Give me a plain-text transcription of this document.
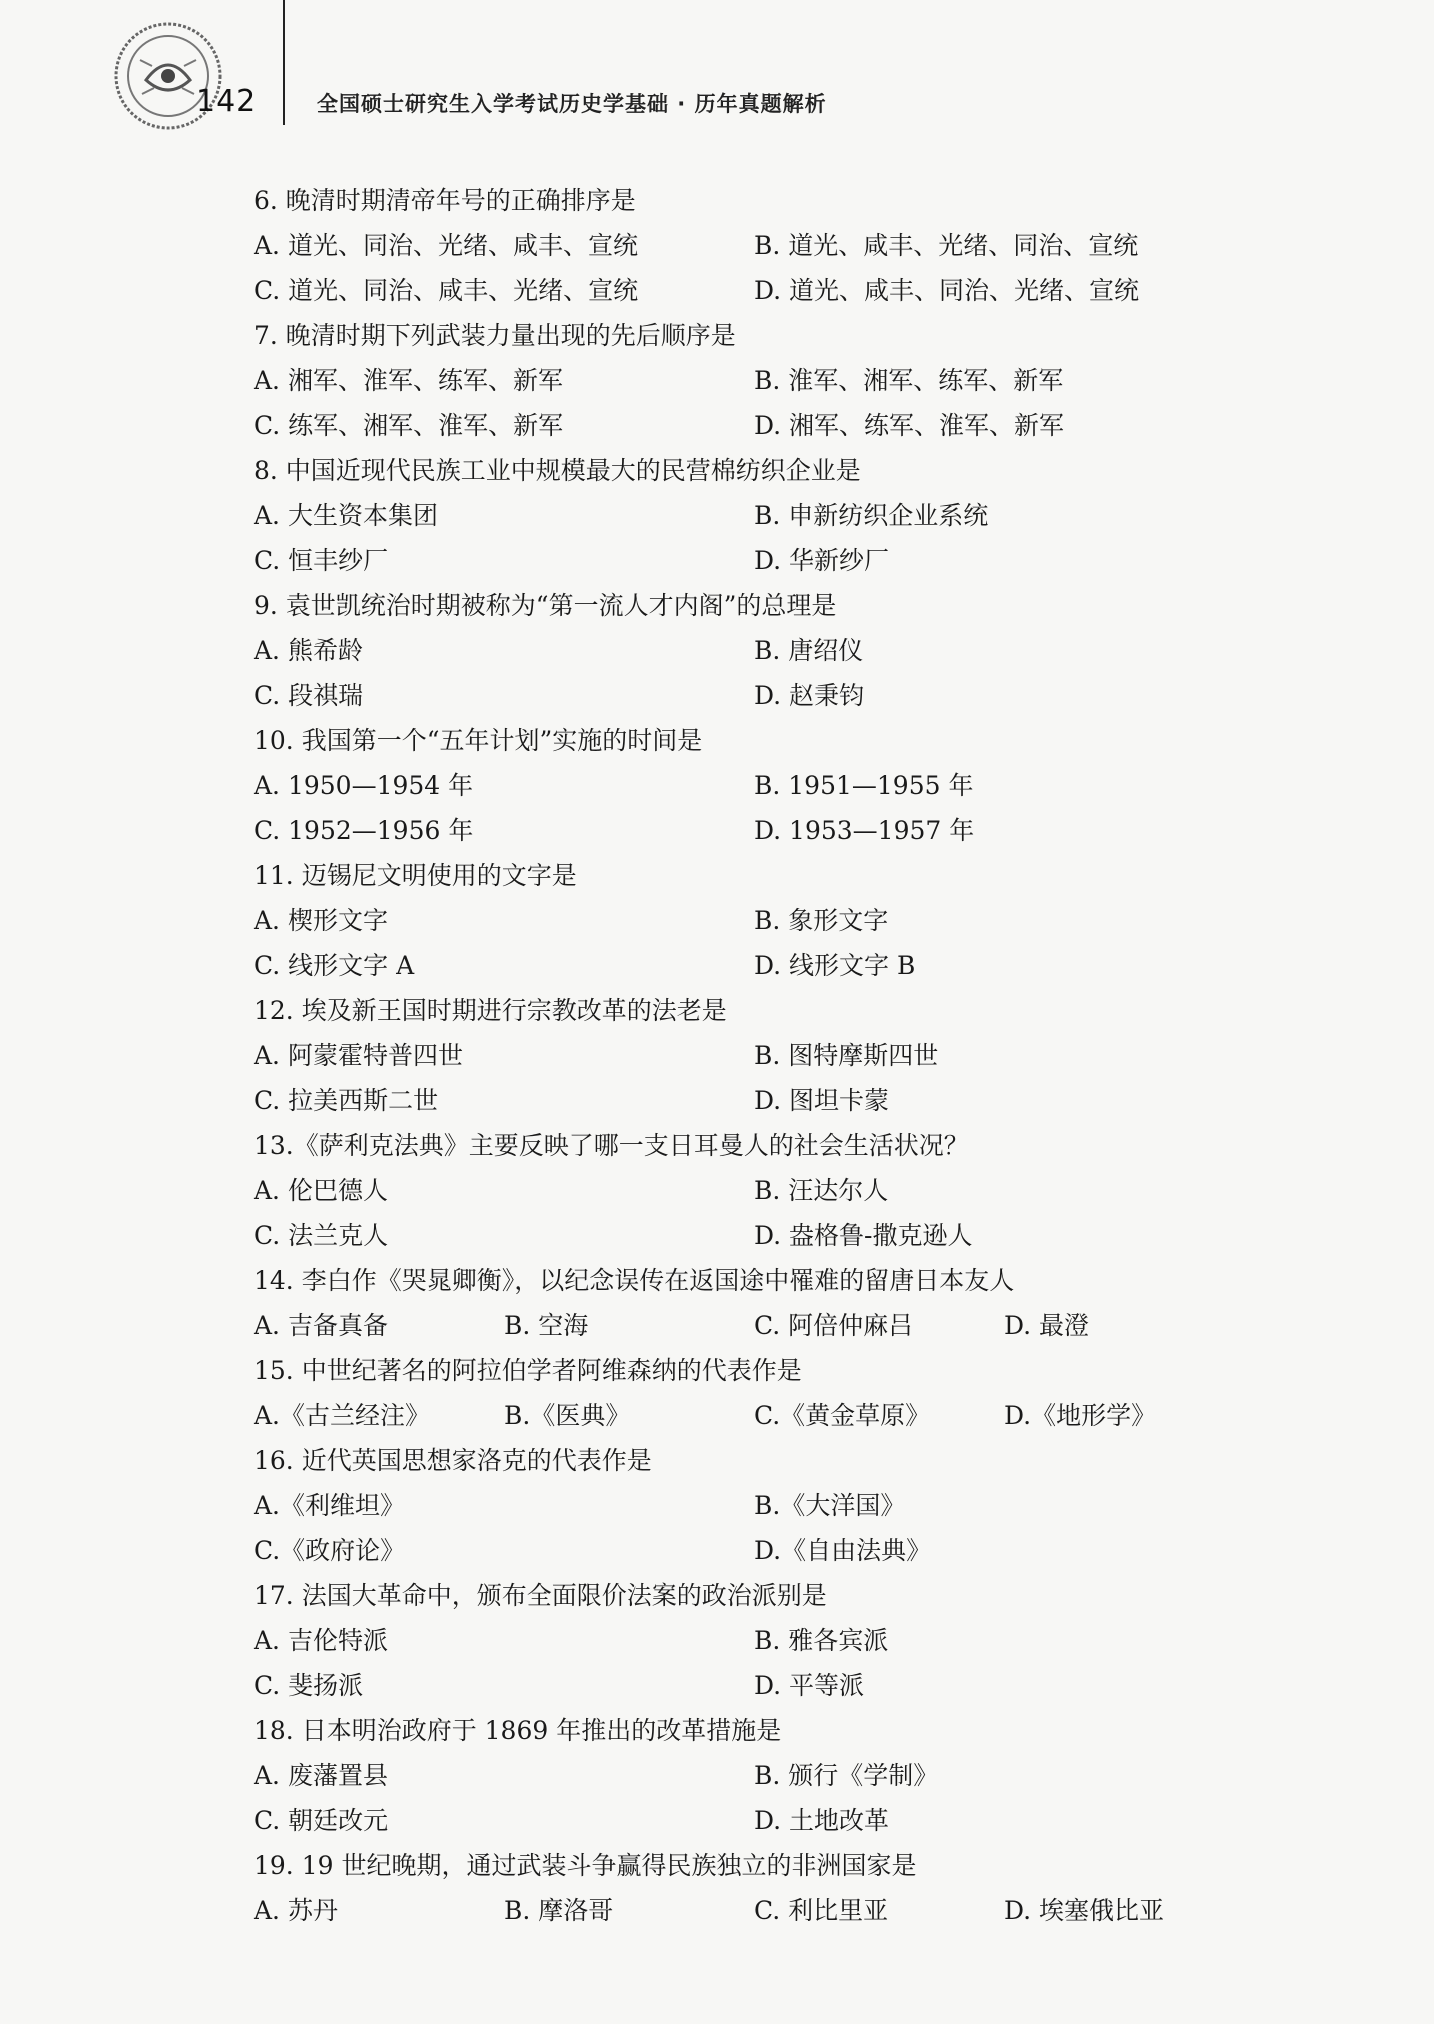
142	全国硕士研究生入学考试历史学基础 · 历年真题解析
6. 晚清时期清帝年号的正确排序是
A. 道光、同治、光绪、咸丰、宣统	B. 道光、咸丰、光绪、同治、宣统
C. 道光、同治、咸丰、光绪、宣统	D. 道光、咸丰、同治、光绪、宣统
7. 晚清时期下列武装力量出现的先后顺序是
A. 湘军、淮军、练军、新军	B. 淮军、湘军、练军、新军
C. 练军、湘军、淮军、新军	D. 湘军、练军、淮军、新军
8. 中国近现代民族工业中规模最大的民营棉纺织企业是
A. 大生资本集团	B. 申新纺织企业系统
C. 恒丰纱厂	D. 华新纱厂
9. 袁世凯统治时期被称为“第一流人才内阁”的总理是
A. 熊希龄	B. 唐绍仪
C. 段祺瑞	D. 赵秉钧
10. 我国第一个“五年计划”实施的时间是
A. 1950—1954 年	B. 1951—1955 年
C. 1952—1956 年	D. 1953—1957 年
11. 迈锡尼文明使用的文字是
A. 楔形文字	B. 象形文字
C. 线形文字 A	D. 线形文字 B
12. 埃及新王国时期进行宗教改革的法老是
A. 阿蒙霍特普四世	B. 图特摩斯四世
C. 拉美西斯二世	D. 图坦卡蒙
13.《萨利克法典》主要反映了哪一支日耳曼人的社会生活状况？
A. 伦巴德人	B. 汪达尔人
C. 法兰克人	D. 盎格鲁-撒克逊人
14. 李白作《哭晁卿衡》，以纪念误传在返国途中罹难的留唐日本友人
A. 吉备真备	B. 空海	C. 阿倍仲麻吕	D. 最澄
15. 中世纪著名的阿拉伯学者阿维森纳的代表作是
A.《古兰经注》	B.《医典》	C.《黄金草原》	D.《地形学》
16. 近代英国思想家洛克的代表作是
A.《利维坦》	B.《大洋国》
C.《政府论》	D.《自由法典》
17. 法国大革命中，颁布全面限价法案的政治派别是
A. 吉伦特派	B. 雅各宾派
C. 斐扬派	D. 平等派
18. 日本明治政府于 1869 年推出的改革措施是
A. 废藩置县	B. 颁行《学制》
C. 朝廷改元	D. 土地改革
19. 19 世纪晚期，通过武装斗争赢得民族独立的非洲国家是
A. 苏丹	B. 摩洛哥	C. 利比里亚	D. 埃塞俄比亚
